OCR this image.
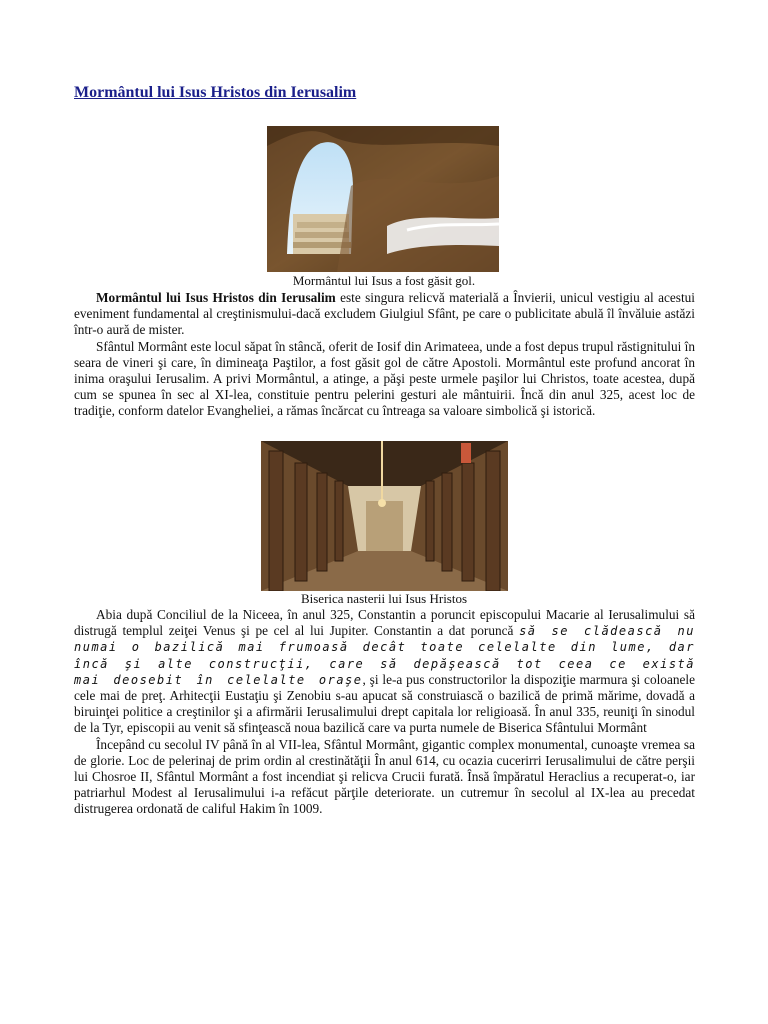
Mormântul lui Isus Hristos din Ierusalim

Mormântul lui Isus a fost găsit gol.

Mormântul lui Isus Hristos din Ierusalim este singura relicvă materială a Învierii, unicul vestigiu al acestui eveniment fundamental al creştinismului-dacă excludem Giulgiul Sfânt, pe care o publicitate abulă îl învăluie astăzi într-o aură de mister.

Sfântul Mormânt este locul săpat în stâncă, oferit de Iosif din Arimateea, unde a fost depus trupul răstignitului în seara de vineri şi care, în dimineaţa Paştilor, a fost găsit gol de către Apostoli. Mormântul este profund ancorat în inima oraşului Ierusalim. A privi Mormântul, a atinge, a păşi peste urmele paşilor lui Christos, toate acestea, după cum se spunea în sec al XI-lea, constituie pentru pelerini gesturi ale mântuirii. Încă din anul 325, acest loc de tradiţie, conform datelor Evangheliei, a rămas încărcat cu întreaga sa valoare simbolică şi istorică.

Biserica nasterii lui Isus Hristos

Abia după Conciliul de la Niceea, în anul 325, Constantin a poruncit episcopului Macarie al Ierusalimului să distrugă templul zeiţei Venus şi pe cel al lui Jupiter. Constantin a dat poruncă să se clădească nu numai o bazilică mai frumoasă decât toate celelalte din lume, dar încă şi alte construcţii, care să depăşească tot ceea ce există mai deosebit în celelalte oraşe, şi le-a pus constructorilor la dispoziţie marmura şi coloanele cele mai de preţ. Arhitecţii Eustaţiu şi Zenobiu s-au apucat să construiască o bazilică de primă mărime, dovadă a biruinţei politice a creştinilor şi a afirmării Ierusalimului drept capitala lor religioasă. În anul 335, reuniţi în sinodul de la Tyr, episcopii au venit să sfinţească noua bazilică care va purta numele de Biserica Sfântului Mormânt

Începând cu secolul IV până în al VII-lea, Sfântul Mormânt, gigantic complex monumental, cunoaşte vremea sa de glorie. Loc de pelerinaj de prim ordin al crestinătăţii În anul 614, cu ocazia cucerirri Ierusalimului de către perşii lui Chosroe II, Sfântul Mormânt a fost incendiat şi relicva Crucii furată. Însă împăratul Heraclius a recuperat-o, iar patriarhul Modest al Ierusalimului i-a refăcut părţile deteriorate. un cutremur în secolul al IX-lea au precedat distrugerea ordonată de califul Hakim în 1009.
